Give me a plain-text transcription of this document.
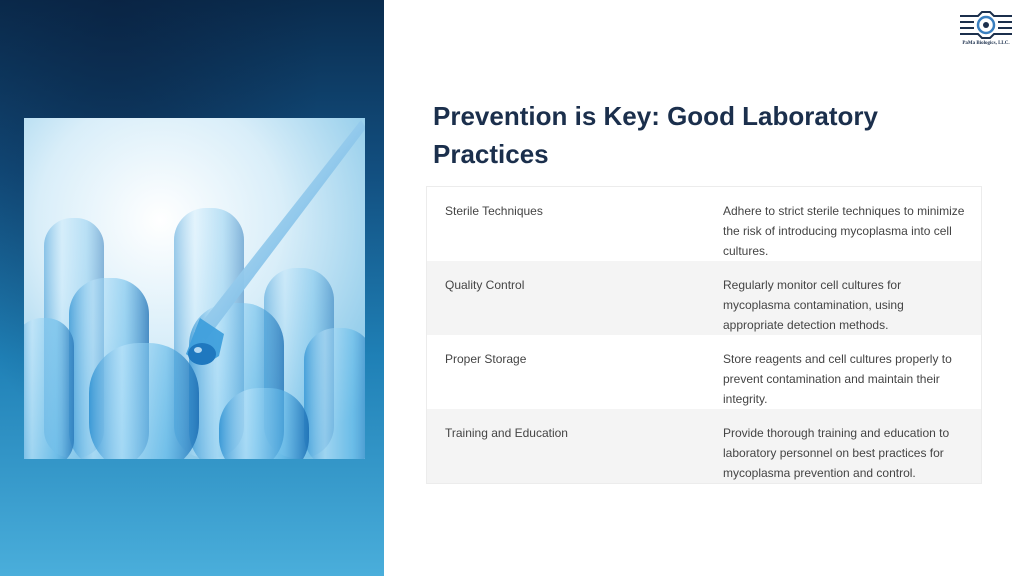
PaMa Biologics, LLC.
Prevention is Key: Good Laboratory Practices
Sterile Techniques	Adhere to strict sterile techniques to minimize the risk of introducing mycoplasma into cell cultures.
Quality Control	Regularly monitor cell cultures for mycoplasma contamination, using appropriate detection methods.
Proper Storage	Store reagents and cell cultures properly to prevent contamination and maintain their integrity.
Training and Education	Provide thorough training and education to laboratory personnel on best practices for mycoplasma prevention and control.
